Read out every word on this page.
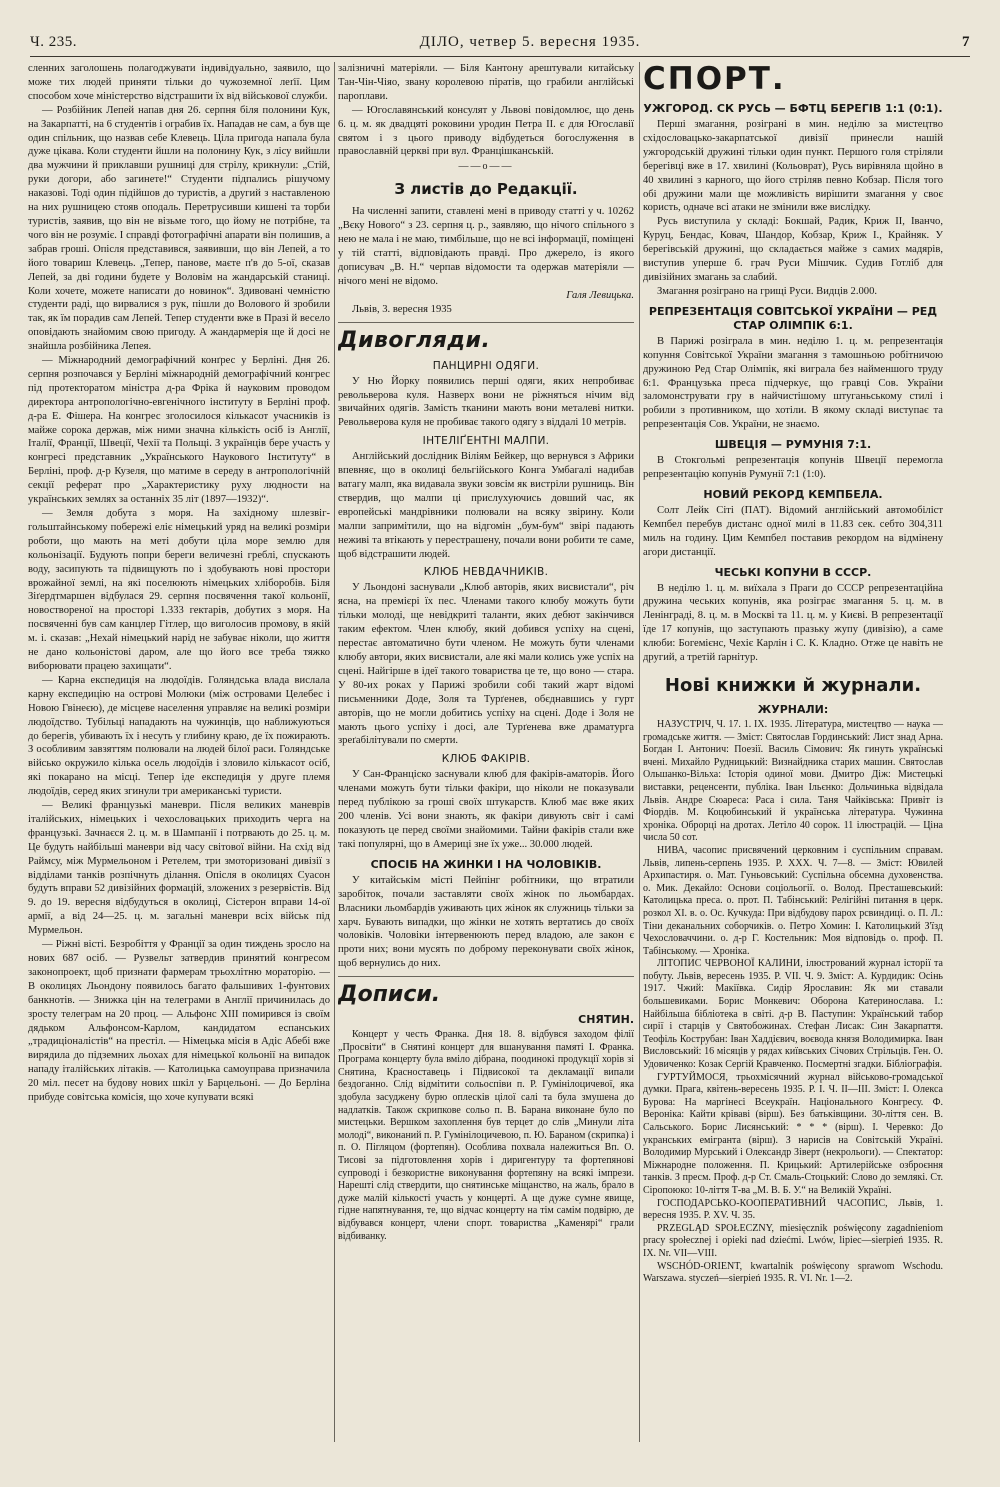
Ч. 235.	ДІЛО, четвер 5. вересня 1935.	7

сленних заголошень полагоджувати індивідуально, заявило, що може тих людей приняти тільки до чужоземної леґії. Цим способом хоче міністерство відстрашити їх від військової служби.

— Розбійник Лепей напав дня 26. серпня біля полонини Кук, на Закарпатті, на 6 студентів і ограбив їх. Нападав не сам, а був ще один спільник, що назвав себе Клевець. Ціла пригода напала була дуже цікава. Коли студенти йшли на полонину Кук, з лісу вийшли два мужчини й приклавши рушниці для стрілу, крикнули: „Стій, руки догори, або загинете!“ Студенти підпались рішучому наказові. Тоді один підійшов до туристів, а другий з наставленою на них рушницею стояв оподаль. Перетрусивши кишені та торби туристів, заявив, що він не візьме того, що йому не потрібне, та чого він не розуміє. І справді фотографічні апарати він полишив, а забрав гроші. Опісля представився, заявивши, що він Лепей, а то його товариш Клевець. „Тепер, панове, маєте п'в до 5-ої, сказав Лепей, за дві години будете у Воловім на жандарській станиці. Коли хочете, можете написати до новинок“. Здивовані чемністю студенти раді, що вирвалися з рук, пішли до Волового й зробили так, як їм порадив сам Лепей. Тепер студенти вже в Празі й весело оповідають знайомим свою пригоду. А жандармерія ще й досі не знайшла розбійника Лепея.

— Міжнародний демографічний конґрес у Берліні. Дня 26. серпня розпочався у Берліні міжнародній демографічний конгрес під протекторатом міністра д-ра Фріка й науковим проводом директора антропологічно-евгенічного інституту в Берліні проф. д-ра Е. Фішера. На конгрес зголосилося кількасот учасників із майже сорока держав, між ними значна кількість осіб із Англії, Італії, Франції, Швеції, Чехії та Польщі. З українців бере участь у конгресі представник „Українського Наукового Інституту“ в Берліні, проф. д-р Кузеля, що матиме в середу в антропологічній секції реферат про „Характеристику руху людности на українських землях за останніх 35 літ (1897—1932)“.

— Земля добута з моря. На західному шлезвіг-гольштайнському побережі еліє німецький уряд на великі розміри роботи, що мають на меті добути ціла море землю для кольонізації. Будують попри береги величезні греблі, спускають воду, засипують та підвищують по і здобувають нові простори врожайної землі, на які поселюють німецьких хліборобів. Біля Зіґердтмаршен відбулася 29. серпня посвячення такої кольонії, новоствореної на просторі 1.333 гектарів, добутих з моря. На посвяченні був сам канцлер Гітлер, що виголосив промову, в якій м. і. сказав: „Нехай німецький нарід не забуває ніколи, що життя не дано кольоністові даром, але що його все треба тяжко виборювати працею захищати“.

— Карна експедиція на людоїдів. Голяндська влада вислала карну експедицію на острові Молюки (між островами Целебес і Новою Гвінеєю), де місцеве населення управляє на великі розміри людоїдство. Тубільці нападають на чужинців, що наближуються до берегів, убивають їх і несуть у глибину краю, де їх пожирають. З особливим завзяттям полювали на людей білої раси. Голяндське військо окружило кілька осель людоїдів і зловило кількасот осіб, які покарано на місці. Тепер іде експедиція у друге племя людоїдів, серед яких згинули три американські туристи.

— Великі французькі маневри. Після великих маневрів італійських, німецьких і чехословацьких приходить черга на французькі. Зачнаєся 2. ц. м. в Шампанії і потрвають до 25. ц. м. Це будуть найбільші маневри від часу світової війни. На схід від Раймсу, між Мурмельоном і Ретелем, три змоторизовані дивізії з відділами танків розпічнуть ділання. Опісля в околицях Суасон будуть вправи 52 дивізійних формацій, зложених з резервістів. Від 9. до 19. вересня відбудуться в околиці, Сістерон вправи 14-ої армії, а від 24—25. ц. м. загальні маневри всіх військ під Мурмельон.

— Ріжні вісті. Безробіття у Франції за один тиждень зросло на нових 687 осіб. — Рузвельт затвердив принятий конгресом законопроект, щоб признати фармерам трьохлітню мораторію. — В околицях Льондону появилось багато фальшивих 1-фунтових банкнотів. — Знижка цін на телеграми в Англії причинилась до зросту телеграм на 20 проц. — Альфонс XIII помирився із своїм дядьком Альфонсом-Карлом, кандидатом еспанських „традиціоналістів“ на престіл. — Німецька місія в Адіс Абебі вже вирядила до підземних льохах для німецької кольонії на випадок нападу італійських літаків. — Католицька самоуправа призначила 20 міл. песет на будову нових шкіл у Барцельоні. — До Берліна прибуде совітська комісія, що хоче купувати всякі

залізничні матеріяли. — Біля Кантону арештували китайську Тан-Чін-Чіяо, звану королевою піратів, що грабили англійські пароплави.

— Югославянський консулят у Львові повідомлює, що день 6. ц. м. як двадцяті роковини уродин Петра II. є для Югославії святом і з цього приводу відбудеться богослуження в православній церкві при вул. Францішканській.

——o——
З листів до Редакції.

На численні запити, ставлені мені в приводу статті у ч. 10262 „Вєку Нового“ з 23. серпня ц. р., заявляю, що нічого спільного з нею не мала і не маю, тимбільше, що не всі інформації, поміщені у тій статті, відповідають правді. Про джерело, із якого дописувач „В. Н.“ черпав відомости та одержав матеріяли — нічого мені не відомо.

Галя Левицька.

Львів, 3. вересня 1935

Дивогляди.
ПАНЦИРНІ ОДЯГИ.

У Ню Йорку появились перші одяги, яких непробиває револьверова куля. Назверх вони не ріжняться нічим від звичайних одягів. Замість тканини мають вони металеві нитки. Револьверова куля не пробиває такого одягу з віддалі 10 метрів.

ІНТЕЛІҐЕНТНІ МАЛПИ.

Англійський дослідник Віліям Бейкер, що вернувся з Африки впевняє, що в околиці бельгійського Конга Умбагалі надибав ватагу малп, яка видавала звуки зовсім як вистріли рушниць. Він ствердив, що малпи ці прислухуючись довший час, як европейські мандрівники полювали на всяку звірину. Коли малпи запримітили, що на відгомін „бум-бум“ звірі падають неживі та втікають у перестрашену, почали вони робити те саме, щоб відстрашити людей.

КЛЮБ НЕВДАЧНИКІВ.

У Льондоні заснували „Клюб авторів, яких висвистали“, річ ясна, на премієрі їх пес. Членами такого клюбу можуть бути тільки молоді, ще невідкриті таланти, яких дебют закінчився таким ефектом. Член клюбу, який добився успіху на сцені, перестає автоматично бути членом. Не можуть бути членами клюбу автори, яких висвистали, але які мали колись уже успіх на сцені. Найгірше в ідеї такого товариства це те, що воно — стара. У 80-их роках у Парижі зробили собі такий жарт відомі письменники Доде, Золя та Турґенев, обєднавшись у гурт авторів, що не могли добитись успіху на сцені. Доде і Золя не мають цього успіху і досі, але Турґенева вже драматурга зреґабілітували по смерти.

КЛЮБ ФАКІРІВ.

У Сан-Франціско заснували клюб для факірів-аматорів. Його членами можуть бути тільки факіри, що ніколи не показували перед публікою за гроші своїх штукарств. Клюб має вже яких 200 членів. Усі вони знають, як факіри дивують світ і самі показують це перед своїми знайомими. Тайни факірів стали вже такі популярні, що в Америці зне їх уже... 30.000 людей.

СПОСІБ НА ЖИНКИ І НА ЧОЛОВІКІВ.

У китайськім місті Пейпінг робітники, що втратили заробіток, почали заставляти своїх жінок по льомбардах. Власники льомбардів уживають цих жінок як служниць тільки за харч. Бувають випадки, що жінки не хотять вертатись до своїх чоловіків. Чоловіки інтервенюють перед владою, але закон є проти них; вони мусять по доброму переконувати своїх жінок, щоб вернулись до них.

Дописи.
СНЯТИН.

Концерт у честь Франка. Дня 18. 8. відбувся заходом філії „Просвіти“ в Снятині концерт для вшанування памяті І. Франка. Програма концерту була вміло дібрана, поодинокі продукції хорів зі Снятина, Красноставець і Підвисокої та декламації випали бездоганно. Слід відмітити сольоспіви п. Р. Гумінілоцичевої, яка здобула засуджену бурю оплесків цілої салі та була змушена до надлатків. Також скрипкове сольо п. В. Барана виконане було по мистецьки. Вершком захоплення був терцет до слів „Минули літа молоді“, виконаний п. Р. Гумінілоцичевою, п. Ю. Бараном (скрипка) і п. О. Пігляцом (фортепян). Особлива похвала належиться Вп. О. Тисові за підготовлення хорів і диригентуру та фортепянові супроводі і безкористне виконування фортепяну на всякі імпрези. Нарешті слід ствердити, що снятинське міщанство, на жаль, брало в дуже малій кількості участь у концерті. А ще дуже сумне явище, гідне напятнування, те, що відчас концерту на тім самім подвірю, де відбувався концерт, члени спорт. товариства „Каменярі“ грали відбиванку.

СПОРТ.
УЖГОРОД. СК РУСЬ — БФТЦ БЕРЕГІВ 1:1 (0:1).

Перші змагання, розіграні в мин. неділю за мистецтво східословацько-закарпатської дивізії принесли нашій ужгородській дружині тільки один пункт. Першого голя стріляли берегівці вже в 17. хвилині (Кольоврат), Русь вирівняла щойно в 40 хвилині з карного, що його стріляв певно Кобзар. Після того обі дружини мали ще можливість вирішити змагання у своє користь, одначе всі атаки не змінили вже вислідку.

Русь виступила у складі: Бокшай, Радик, Криж II, Іванчо, Куруц, Бендас, Ковач, Шандор, Кобзар, Криж I., Крайняк. У берегівській дружині, що складається майже з самих мадярів, виступив уперше б. грач Руси Мішчик. Судив Готліб для дивізійних змагань за слабий.

Змагання розіграно на грищі Руси. Видців 2.000.

РЕПРЕЗЕНТАЦІЯ СОВІТСЬКОЇ УКРАЇНИ — РЕД СТАР ОЛІМПІК 6:1.

В Парижі розіграла в мин. неділю 1. ц. м. репрезентація копуння Совітської України змагання з тамошньою робітничою дружиною Ред Стар Олімпік, які виграла без найменшого труду 6:1. Французька преса підчеркує, що гравці Сов. України заломонструвати гру в найчистішому штуганьському стилі і робили з противником, що хотіли. В якому складі виступає та репрезентація Сов. України, не знаємо.

ШВЕЦІЯ — РУМУНІЯ 7:1.

В Стокгольмі репрезентація копунів Швеції перемогла репрезентацію копунів Румунії 7:1 (1:0).

НОВИЙ РЕКОРД КЕМПБЕЛА.

Солт Лейк Сіті (ПАТ). Відомий англійський автомобіліст Кемпбел перебув дистанс одної милі в 11.83 сек. себто 304,311 миль на годину. Цим Кемпбел поставив рекордом на відмінену агори дистанції.

ЧЕСЬКІ КОПУНИ В СССР.

В неділю 1. ц. м. виїхала з Праги до СССР репрезентаційна дружина чеських копунів, яка розіграє змагання 5. ц. м. в Ленінграді, 8. ц. м. в Москві та 11. ц. м. у Києві. В репрезентації їде 17 копунів, що заступають празьку жупу (дивізію), а саме клюби: Богемієнс, Чехіє Карлін і С. К. Кладно. Отже це навіть не другий, а третій ґарнітур.

Нові книжки й журнали.
ЖУРНАЛИ:

НАЗУСТРІЧ, Ч. 17. 1. IX. 1935. Література, мистецтво — наука — громадське життя. — Зміст: Святослав Гординський: Лист знад Арна. Богдан І. Антонич: Поезії. Василь Сімович: Як гинуть українські вчені. Михайло Рудницький: Визнайдника старих машин. Святослав Ольшанко-Вільха: Історія одиної мови. Дмитро Діж: Мистецькі виставки, реценсенти, публіка. Іван Ільєнко: Дольчинька відвідала Львів. Андре Сюареса: Раса і сила. Таня Чайківська: Привіт із Фіордів. М. Коцюбинський й українська література. Чужинна хроніка. Оброрці на дротах. Летіло 40 сорок. 11 ілюстрацій. — Ціна числа 50 сот.

НИВА, часопис присвячений церковним і суспільним справам. Львів, липень-серпень 1935. Р. XXX. Ч. 7—8. — Зміст: Ювилей Архипастиря. о. Мат. Гуньовський: Суспільна обсемна духовенства. о. Мик. Декайло: Основи соціольогії. о. Волод. Престашевський: Католицька преса. о. прот. П. Табінський: Релігійні питання в церк. розкол XI. в. о. Ос. Кучкуда: При відбудову парох рсвиндиці. о. П. Л.: Тіни деканальних соборчиків. о. Петро Хомин: I. Католицький З'їзд Чехословаччини. о. д-р Г. Костельник: Моя відповідь о. проф. П. Табінському. — Хроніка.

ЛІТОПИС ЧЕРВОНОЇ КАЛИНИ, ілюстрований журнал історії та побуту. Львів, вересень 1935. Р. VII. Ч. 9. Зміст: А. Курдидик: Осінь 1917. Чжий: Макіївка. Сидір Ярославин: Як ми ставали большевиками. Борис Монкевич: Оборона Катеринослава. І.: Найбільша бібліотека в світі. д-р В. Паступин: Український табор сирії і старців у Святобожинах. Стефан Лисак: Син Закарпаття. Теофіль Кострубан: Іван Хаддієвич, воєвода князя Володимирка. Іван Висловський: 16 місяців у рядах київських Січових Стрільців. Ген. О. Удовиченко: Козак Сергій Кравченко. Посмертні згадки. Бібліографія.

ГУРТУЙМОСЯ, трьохмісячний журнал військово-громадської думки. Прага, квітень-вересень 1935. Р. І. Ч. II—III. Зміст: І. Олекса Бурова: На маргінесі Всеукраїн. Національного Конгресу. Ф. Вероніка: Кайти кріваві (вірш). Без батьківщини. 30-ліття сен. В. Сальського. Борис Лисянський: * * * (вірш). І. Черевко: До укранських емігранта (вірш). З нарисів на Совітській Україні. Володимир Мурський і Олександр Зіверт (некрольоги). — Спектатор: Міжнародне положення. П. Крицький: Артилерійське озброєння танків. З пресм. Проф. д-р Ст. Смаль-Стоцький: Слово до землякі. Ст. Сіропоюко: 10-ліття Т-ва „М. В. Б. У.“ на Великій Україні.

ГОСПОДАРСЬКО-КООПЕРАТИВНИЙ ЧАСОПИС, Львів, 1. вересня 1935. Р. XV. Ч. 35.

PRZEGLĄD SPOŁECZNY, miesięcznik poświęcony zagadnieniom pracy społecznej i opieki nad dziećmi. Lwów, lipiec—sierpień 1935. R. IX. Nr. VII—VIII.

WSCHÓD-ORIENT, kwartalnik poświęcony sprawom Wschodu. Warszawa. styczeń—sierpień 1935. R. VI. Nr. 1—2.
